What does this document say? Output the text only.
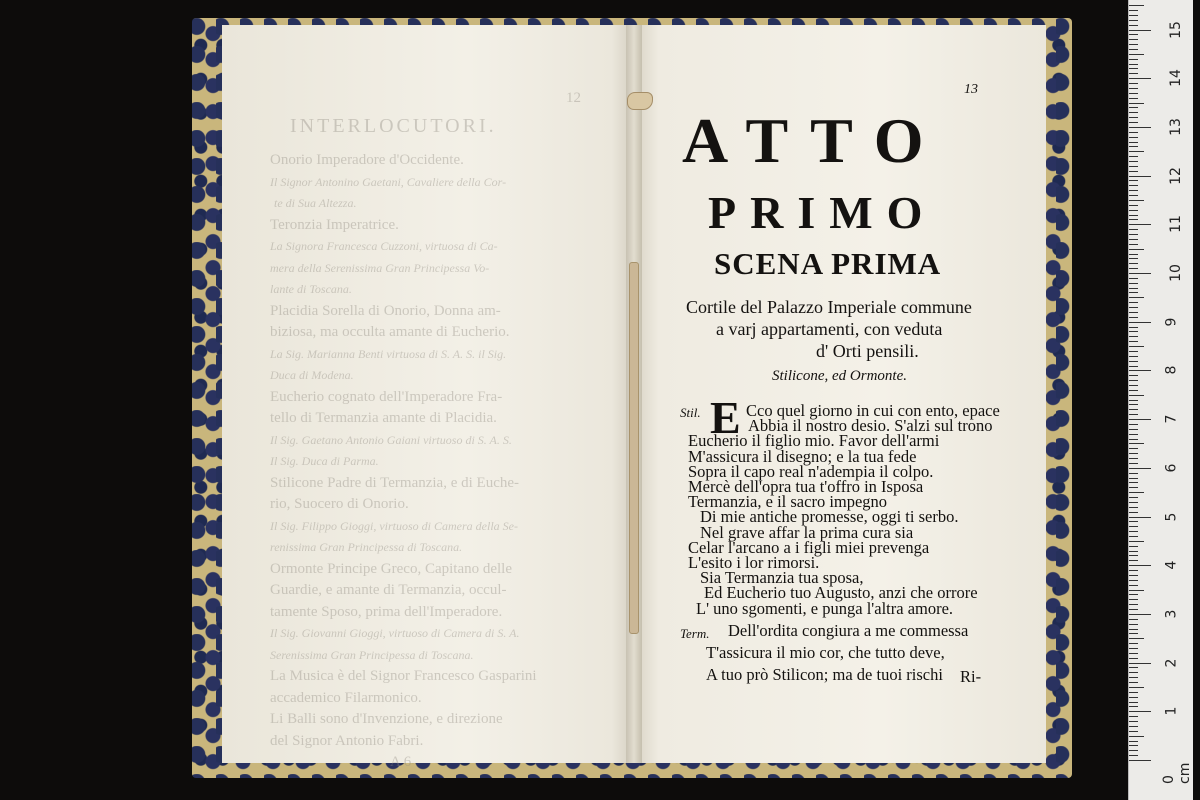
12
INTERLOCUTORI.
Onorio Imperadore d'Occidente.
Il Signor Antonino Gaetani, Cavaliere della Cor-
te di Sua Altezza.
Teronzia Imperatrice.
La Signora Francesca Cuzzoni, virtuosa di Ca-
mera della Serenissima Gran Principessa Vo-
lante di Toscana.
Placidia Sorella di Onorio, Donna am-
biziosa, ma occulta amante di Eucherio.
La Sig. Marianna Benti virtuosa di S. A. S. il Sig.
Duca di Modena.
Eucherio cognato dell'Imperadore Fra-
tello di Termanzia amante di Placidia.
Il Sig. Gaetano Antonio Gaiani virtuoso di S. A. S.
Il Sig. Duca di Parma.
Stilicone Padre di Termanzia, e di Euche-
rio, Suocero di Onorio.
Il Sig. Filippo Gioggi, virtuoso di Camera della Se-
renissima Gran Principessa di Toscana.
Ormonte Principe Greco, Capitano delle
Guardie, e amante di Termanzia, occul-
tamente Sposo, prima dell'Imperadore.
Il Sig. Giovanni Gioggi, virtuoso di Camera di S. A.
Serenissima Gran Principessa di Toscana.
La Musica è del Signor Francesco Gasparini
accademico Filarmonico.
Li Balli sono d'Invenzione, e direzione
del Signor Antonio Fabri.
A 6
13
ATTO
PRIMO
SCENA PRIMA
Cortile del Palazzo Imperiale commune
a varj appartamenti, con veduta
d' Orti pensili.
Stilicone, ed Ormonte.
Stil. E Cco quel giorno in cui con ento, epace
Abbia il nostro desio. S'alzi sul trono
Eucherio il figlio mio. Favor dell'armi
M'assicura il disegno; e la tua fede
Sopra il capo real n'adempia il colpo.
Mercè dell'opra tua t'offro in Isposa
Termanzia, e il sacro impegno
Di mie antiche promesse, oggi ti serbo.
Nel grave affar la prima cura sia
Celar l'arcano a i figli miei prevenga
L'esito i lor rimorsi.
Sia Termanzia tua sposa,
Ed Eucherio tuo Augusto, anzi che orrore
L' uno sgomenti, e punga l'altra amore.
Term. Dell'ordita congiura a me commessa
T'assicura il mio cor, che tutto deve,
A tuo prò Stilicon; ma de tuoi rischi Ri-
0 cm
1
2
3
4
5
6
7
8
9
10
11
12
13
14
15
